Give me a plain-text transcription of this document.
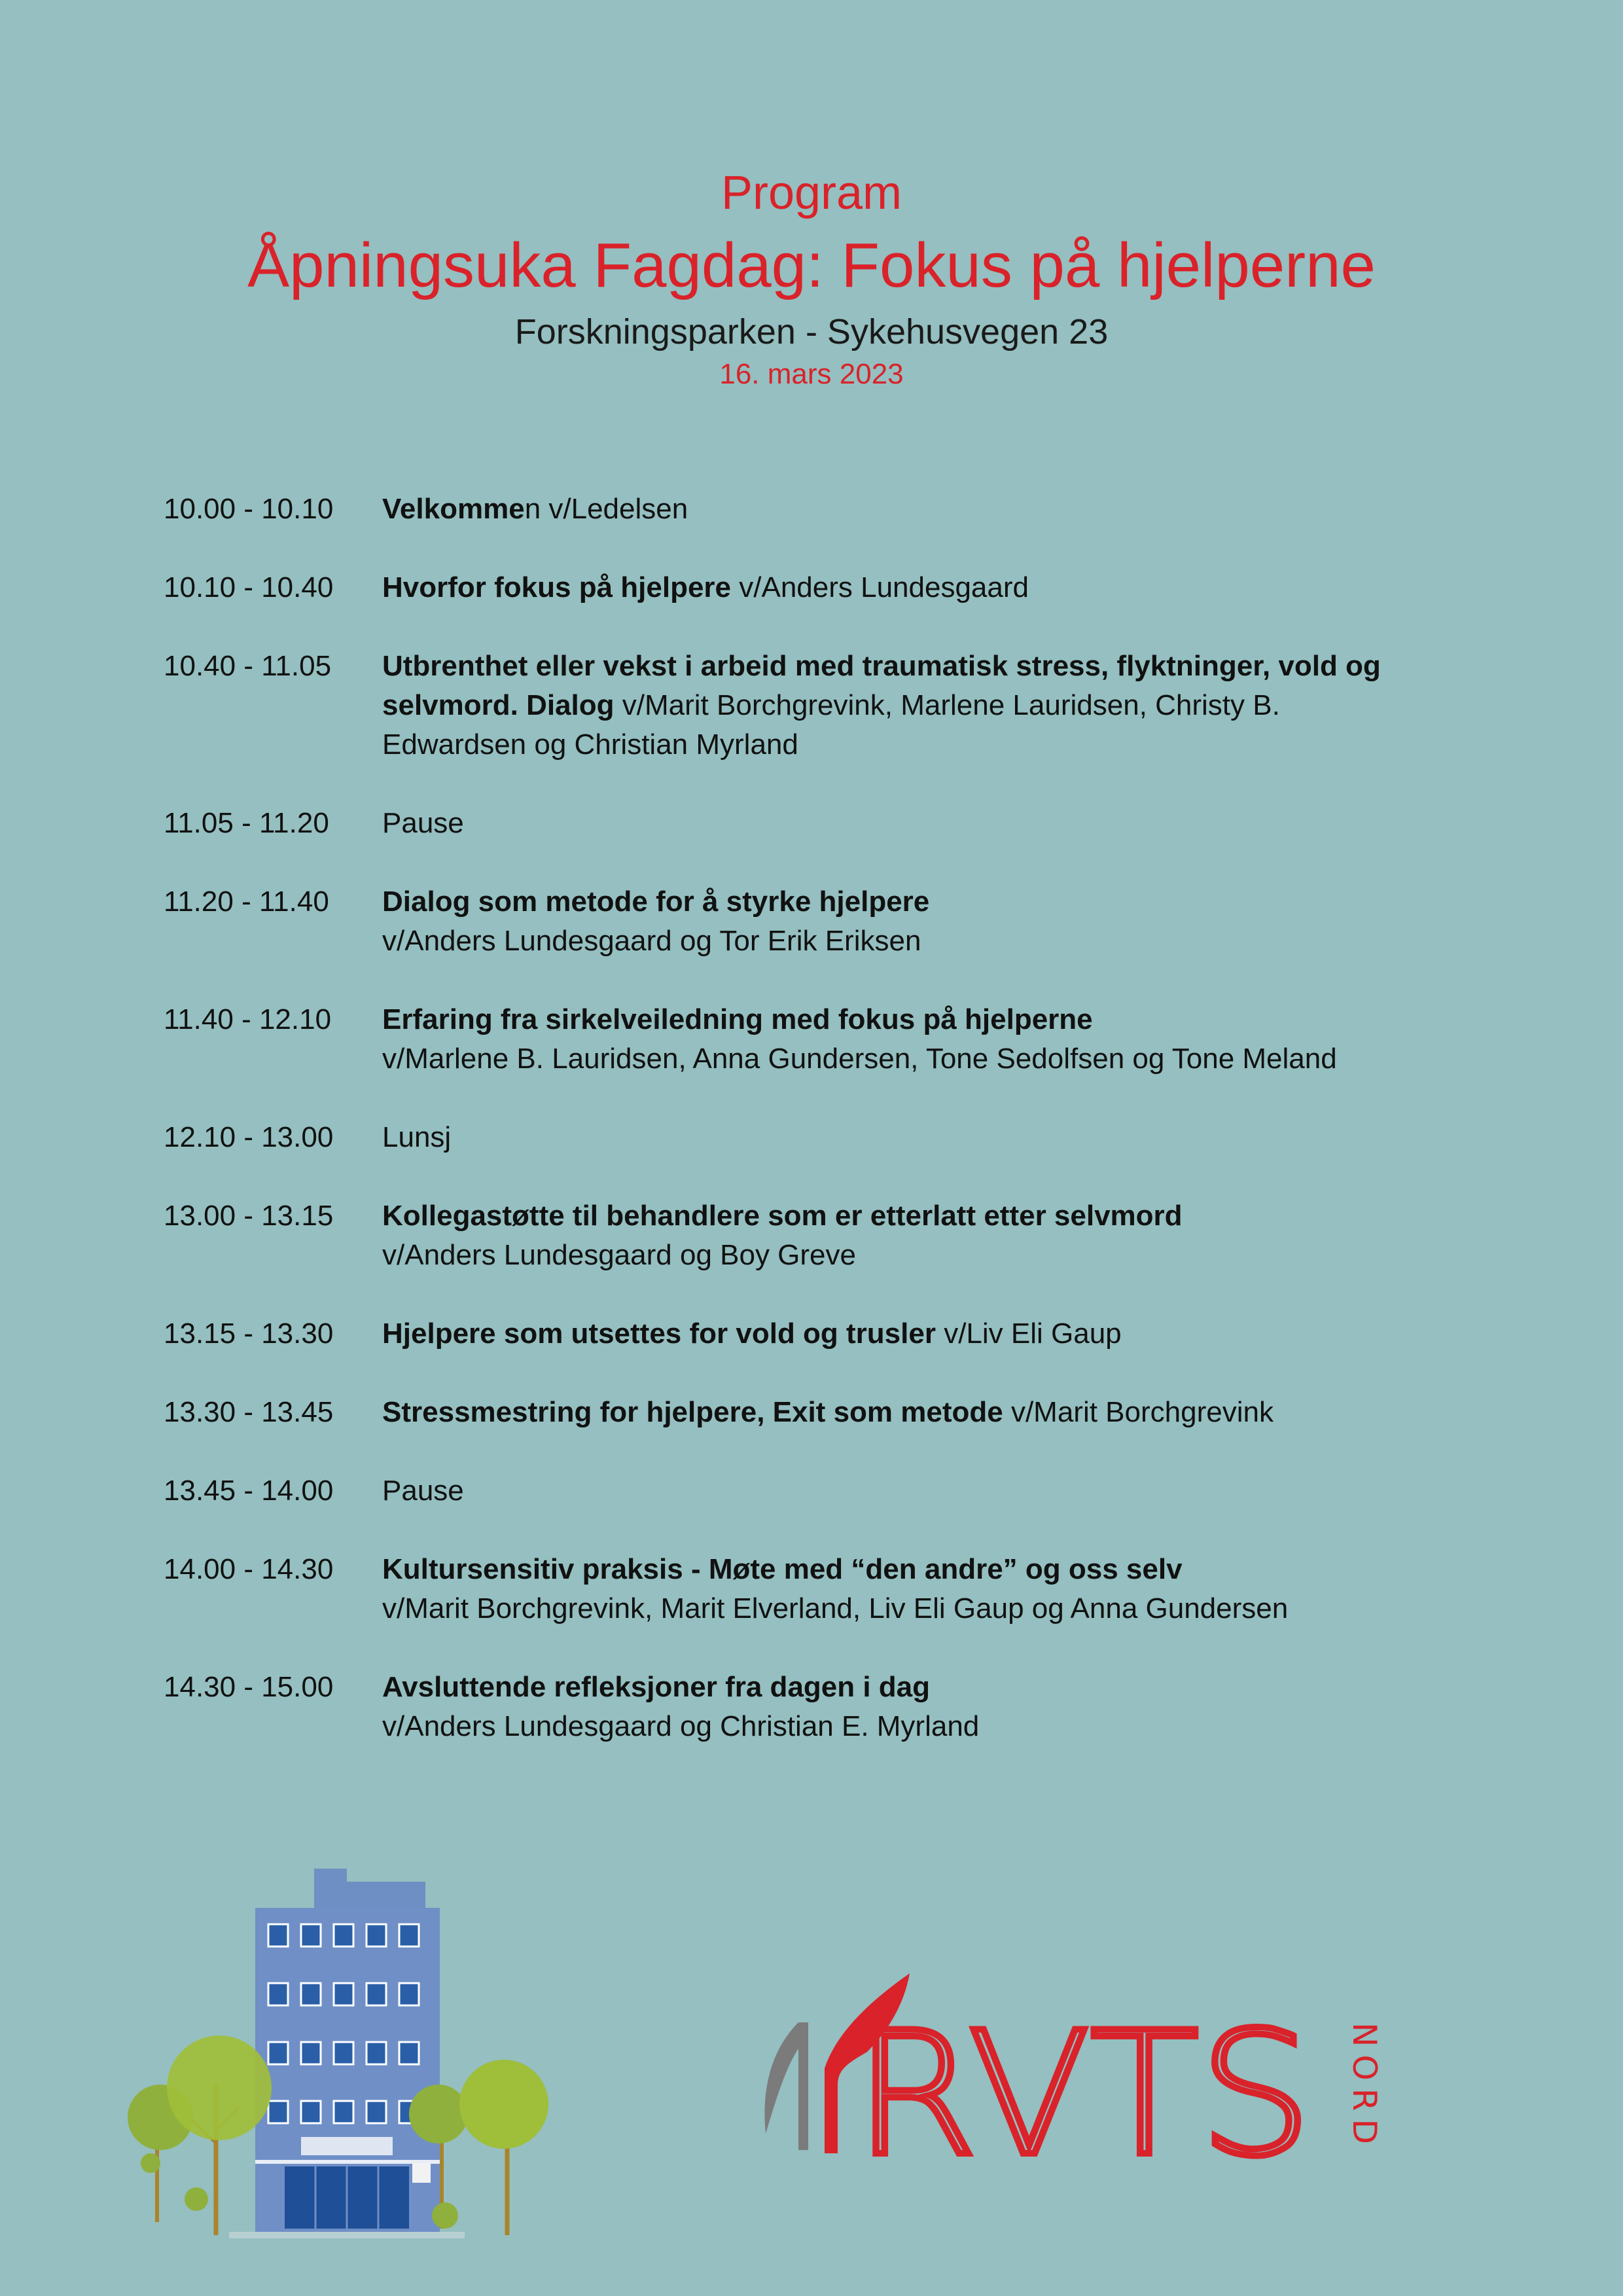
Program
Åpningsuka Fagdag: Fokus på hjelperne
Forskningsparken - Sykehusvegen 23
16. mars 2023
10.00 - 10.10	Velkommen v/Ledelsen
10.10 - 10.40	Hvorfor fokus på hjelpere v/Anders Lundesgaard
10.40 - 11.05	Utbrenthet eller vekst i arbeid med traumatisk stress, flyktninger, vold og selvmord. Dialog v/Marit Borchgrevink, Marlene Lauridsen, Christy B. Edwardsen og Christian Myrland
11.05 - 11.20	Pause
11.20 - 11.40	Dialog som metode for å styrke hjelpere
v/Anders Lundesgaard og Tor Erik Eriksen
11.40 - 12.10	Erfaring fra sirkelveiledning med fokus på hjelperne
v/Marlene B. Lauridsen, Anna Gundersen, Tone Sedolfsen og Tone Meland
12.10 - 13.00	Lunsj
13.00 - 13.15	Kollegastøtte til behandlere som er etterlatt etter selvmord
v/Anders Lundesgaard og Boy Greve
13.15 - 13.30	Hjelpere som utsettes for vold og trusler v/Liv Eli Gaup
13.30 - 13.45	Stressmestring for hjelpere, Exit som metode v/Marit Borchgrevink
13.45 - 14.00	Pause
14.00 - 14.30	Kultursensitiv praksis - Møte med “den andre” og oss selv
v/Marit Borchgrevink, Marit Elverland, Liv Eli Gaup og Anna Gundersen
14.30 - 15.00	Avsluttende refleksjoner fra dagen i dag
v/Anders Lundesgaard og Christian E. Myrland
RVTS NORD
